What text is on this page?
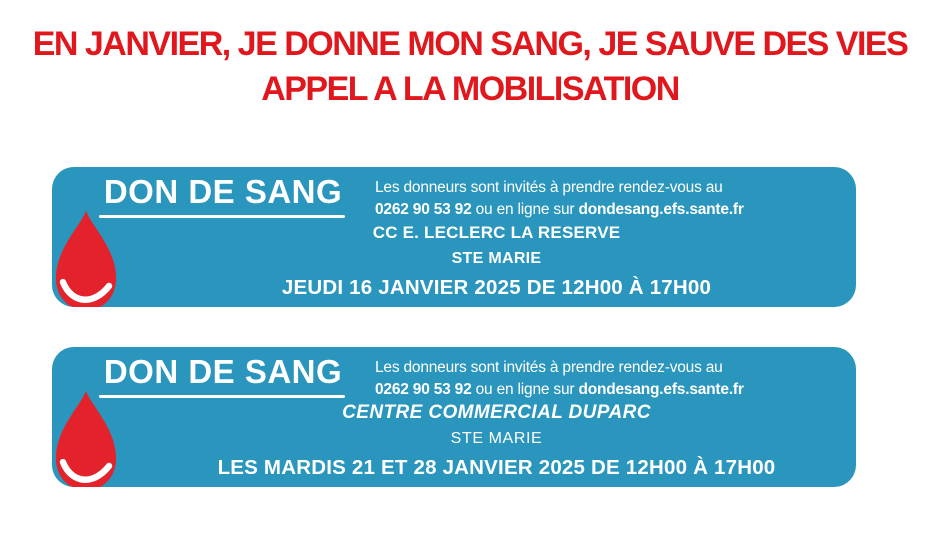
EN JANVIER, JE DONNE MON SANG, JE SAUVE DES VIES
APPEL A LA MOBILISATION
DON DE SANG	Les donneurs sont invités à prendre rendez-vous au
0262 90 53 92 ou en ligne sur dondesang.efs.sante.fr
CC E. LECLERC LA RESERVE
STE MARIE
JEUDI 16 JANVIER 2025 DE 12H00 À 17H00
DON DE SANG	Les donneurs sont invités à prendre rendez-vous au
0262 90 53 92 ou en ligne sur dondesang.efs.sante.fr
CENTRE COMMERCIAL DUPARC
STE MARIE
LES MARDIS 21 ET 28 JANVIER 2025 DE 12H00 À 17H00
